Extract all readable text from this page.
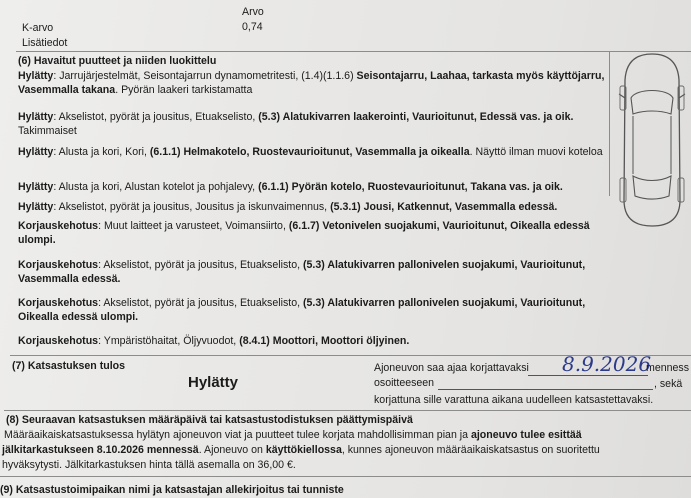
Arvo
K-arvo	0,74
Lisätiedot
(6) Havaitut puutteet ja niiden luokittelu
Hylätty: Jarrujärjestelmät, Seisontajarrun dynamometritesti, (1.4)(1.1.6) Seisontajarru, Laahaa, tarkasta myös käyttöjarru, Vasemmalla takana. Pyörän laakeri tarkistamatta
Hylätty: Akselistot, pyörät ja jousitus, Etuakselisto, (5.3) Alatukivarren laakerointi, Vaurioitunut, Edessä vas. ja oik. Takimmaiset
Hylätty: Alusta ja kori, Kori, (6.1.1) Helmakotelo, Ruostevaurioitunut, Vasemmalla ja oikealla. Näyttö ilman muovi koteloa
Hylätty: Alusta ja kori, Alustan kotelot ja pohjalevy, (6.1.1) Pyörän kotelo, Ruostevaurioitunut, Takana vas. ja oik.
Hylätty: Akselistot, pyörät ja jousitus, Jousitus ja iskunvaimennus, (5.3.1) Jousi, Katkennut, Vasemmalla edessä.
Korjauskehotus: Muut laitteet ja varusteet, Voimansiirto, (6.1.7) Vetonivelen suojakumi, Vaurioitunut, Oikealla edessä ulompi.
Korjauskehotus: Akselistot, pyörät ja jousitus, Etuakselisto, (5.3) Alatukivarren pallonivelen suojakumi, Vaurioitunut, Vasemmalla edessä.
Korjauskehotus: Akselistot, pyörät ja jousitus, Etuakselisto, (5.3) Alatukivarren pallonivelen suojakumi, Vaurioitunut, Oikealla edessä ulompi.
Korjauskehotus: Ympäristöhaitat, Öljyvuodot, (8.4.1) Moottori, Moottori öljyinen.
(7) Katsastuksen tulos
Hylätty
Ajoneuvon saa ajaa korjattavaksi 8.9.2026
menness
osoitteeseen	, sekä
korjattuna sille varattuna aikana uudelleen katsastettavaksi.
(8) Seuraavan katsastuksen määräpäivä tai katsastustodistuksen päättymispäivä
Määräaikaiskatsastuksessa hylätyn ajoneuvon viat ja puutteet tulee korjata mahdollisimman pian ja ajoneuvo tulee esittää
jälkitarkastukseen 8.10.2026 mennessä. Ajoneuvo on käyttökiellossa, kunnes ajoneuvon määräaikaiskatsastus on suoritettu
hyväksytysti. Jälkitarkastuksen hinta tällä asemalla on 36,00 €.
(9) Katsastustoimipaikan nimi ja katsastajan allekirjoitus tai tunniste
